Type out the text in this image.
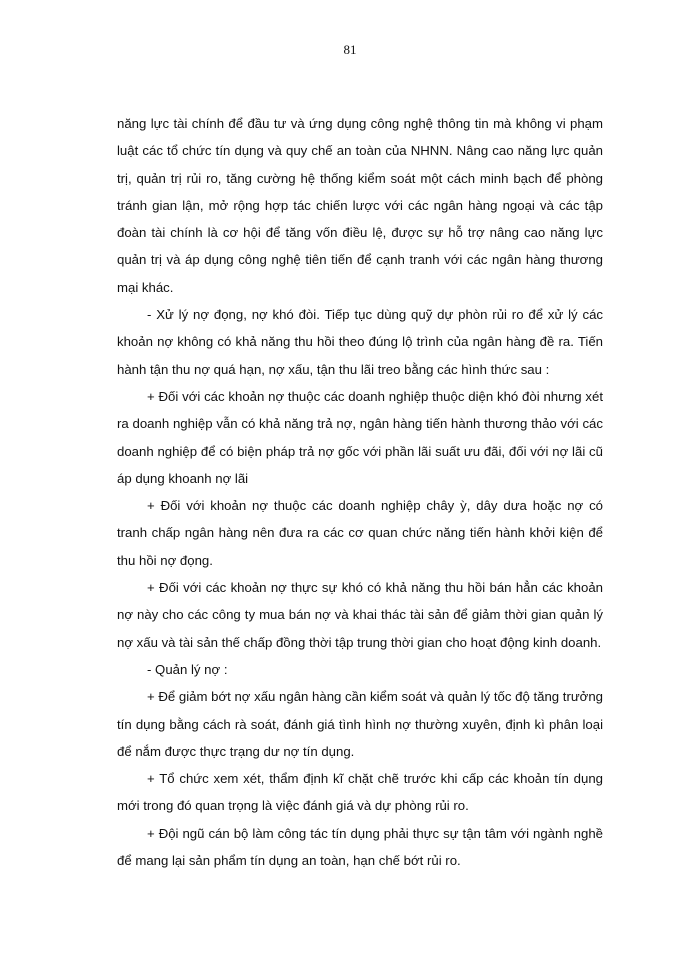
81

năng lực tài chính để đầu tư và ứng dụng công nghệ thông tin mà không vi phạm luật các tổ chức tín dụng và quy chế an toàn của NHNN. Nâng cao năng lực quản trị, quản trị rủi ro, tăng cường hệ thống kiểm soát một cách minh bạch để phòng tránh gian lận, mở rộng hợp tác chiến lược với các ngân hàng ngoại và các tập đoàn tài chính là cơ hội để tăng vốn điều lệ, được sự hỗ trợ nâng cao năng lực quản trị và áp dụng công nghệ tiên tiến để cạnh tranh với các ngân hàng thương mại khác.

- Xử lý nợ đọng, nợ khó đòi. Tiếp tục dùng quỹ dự phòn rủi ro để xử lý các khoản nợ không có khả năng thu hồi theo đúng lộ trình của ngân hàng đề ra. Tiến hành tận thu nợ quá hạn, nợ xấu, tận thu lãi treo bằng các hình thức sau :

+ Đối với các khoản nợ thuộc các doanh nghiệp thuộc diện khó đòi nhưng xét ra doanh nghiệp vẫn có khả năng trả nợ, ngân hàng tiến hành thương thảo với các doanh nghiệp để có biện pháp trả nợ gốc với phần lãi suất ưu đãi, đối với nợ lãi cũ áp dụng khoanh nợ lãi

+ Đối với khoản nợ thuộc các doanh nghiệp chây ỳ, dây dưa hoặc nợ có tranh chấp ngân hàng nên đưa ra các cơ quan chức năng tiến hành khởi kiện để thu hồi nợ đọng.

+ Đối với các khoản nợ thực sự khó có khả năng thu hồi bán hẳn các khoản nợ này cho các công ty mua bán nợ và khai thác tài sản để giảm thời gian quản lý nợ xấu và tài sản thế chấp đồng thời tập trung thời gian cho hoạt động kinh doanh.

- Quản lý nợ :

+ Để giảm bớt nợ xấu ngân hàng cần kiểm soát và quản lý tốc độ tăng trưởng tín dụng bằng cách rà soát, đánh giá tình hình nợ thường xuyên, định kì phân loại để nắm được thực trạng dư nợ tín dụng.

+ Tổ chức xem xét, thẩm định kĩ chặt chẽ trước khi cấp các khoản tín dụng mới trong đó quan trọng là việc đánh giá và dự phòng rủi ro.

+ Đội ngũ cán bộ làm công tác tín dụng phải thực sự tận tâm với ngành nghề để mang lại sản phẩm tín dụng an toàn, hạn chế bớt rủi ro.
